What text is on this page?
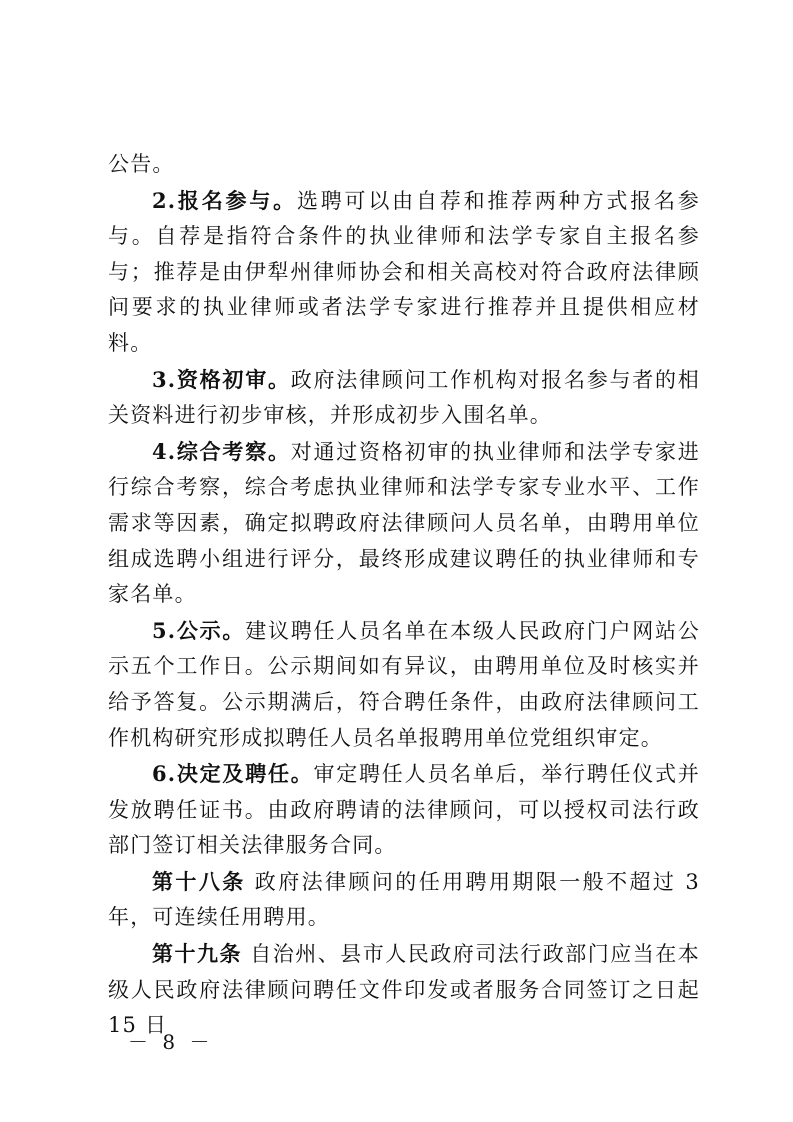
公告。

2.报名参与。选聘可以由自荐和推荐两种方式报名参与。自荐是指符合条件的执业律师和法学专家自主报名参与；推荐是由伊犁州律师协会和相关高校对符合政府法律顾问要求的执业律师或者法学专家进行推荐并且提供相应材料。

3.资格初审。政府法律顾问工作机构对报名参与者的相关资料进行初步审核，并形成初步入围名单。

4.综合考察。对通过资格初审的执业律师和法学专家进行综合考察，综合考虑执业律师和法学专家专业水平、工作需求等因素，确定拟聘政府法律顾问人员名单，由聘用单位组成选聘小组进行评分，最终形成建议聘任的执业律师和专家名单。

5.公示。建议聘任人员名单在本级人民政府门户网站公示五个工作日。公示期间如有异议，由聘用单位及时核实并给予答复。公示期满后，符合聘任条件，由政府法律顾问工作机构研究形成拟聘任人员名单报聘用单位党组织审定。

6.决定及聘任。审定聘任人员名单后，举行聘任仪式并发放聘任证书。由政府聘请的法律顾问，可以授权司法行政部门签订相关法律服务合同。

第十八条 政府法律顾问的任用聘用期限一般不超过 3 年，可连续任用聘用。

第十九条 自治州、县市人民政府司法行政部门应当在本级人民政府法律顾问聘任文件印发或者服务合同签订之日起 15 日

－ 8 －
